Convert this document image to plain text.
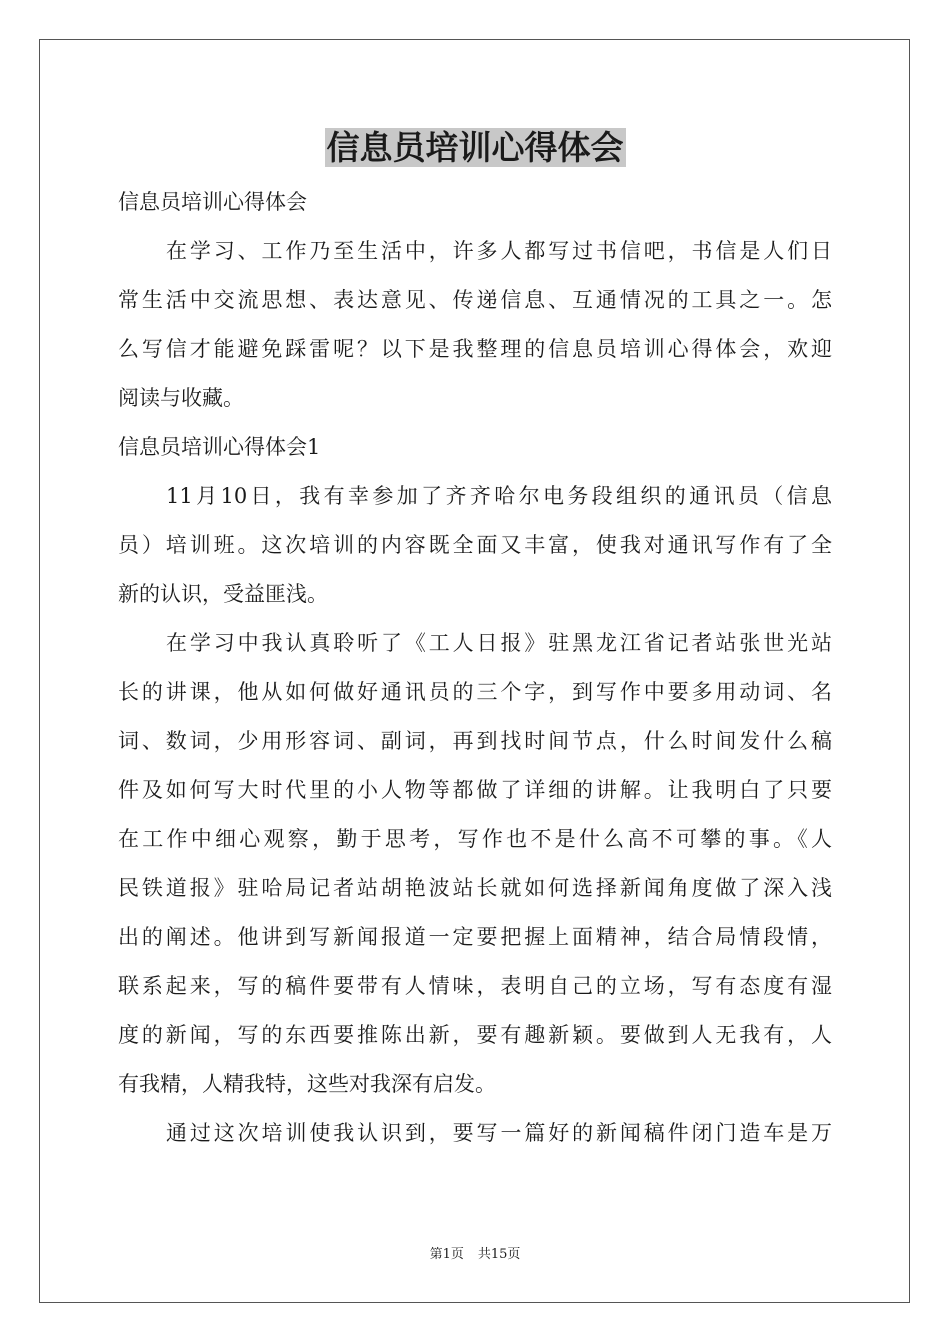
信息员培训心得体会

信息员培训心得体会

在学习、工作乃至生活中，许多人都写过书信吧，书信是人们日
常生活中交流思想、表达意见、传递信息、互通情况的工具之一。怎
么写信才能避免踩雷呢？以下是我整理的信息员培训心得体会，欢迎
阅读与收藏。

信息员培训心得体会1

11月10日，我有幸参加了齐齐哈尔电务段组织的通讯员（信息
员）培训班。这次培训的内容既全面又丰富，使我对通讯写作有了全
新的认识，受益匪浅。
在学习中我认真聆听了《工人日报》驻黑龙江省记者站张世光站
长的讲课，他从如何做好通讯员的三个字，到写作中要多用动词、名
词、数词，少用形容词、副词，再到找时间节点，什么时间发什么稿
件及如何写大时代里的小人物等都做了详细的讲解。让我明白了只要
在工作中细心观察，勤于思考，写作也不是什么高不可攀的事。《人
民铁道报》驻哈局记者站胡艳波站长就如何选择新闻角度做了深入浅
出的阐述。他讲到写新闻报道一定要把握上面精神，结合局情段情，
联系起来，写的稿件要带有人情味，表明自己的立场，写有态度有湿
度的新闻，写的东西要推陈出新，要有趣新颖。要做到人无我有，人
有我精，人精我特，这些对我深有启发。
通过这次培训使我认识到，要写一篇好的新闻稿件闭门造车是万
第1页 共15页
